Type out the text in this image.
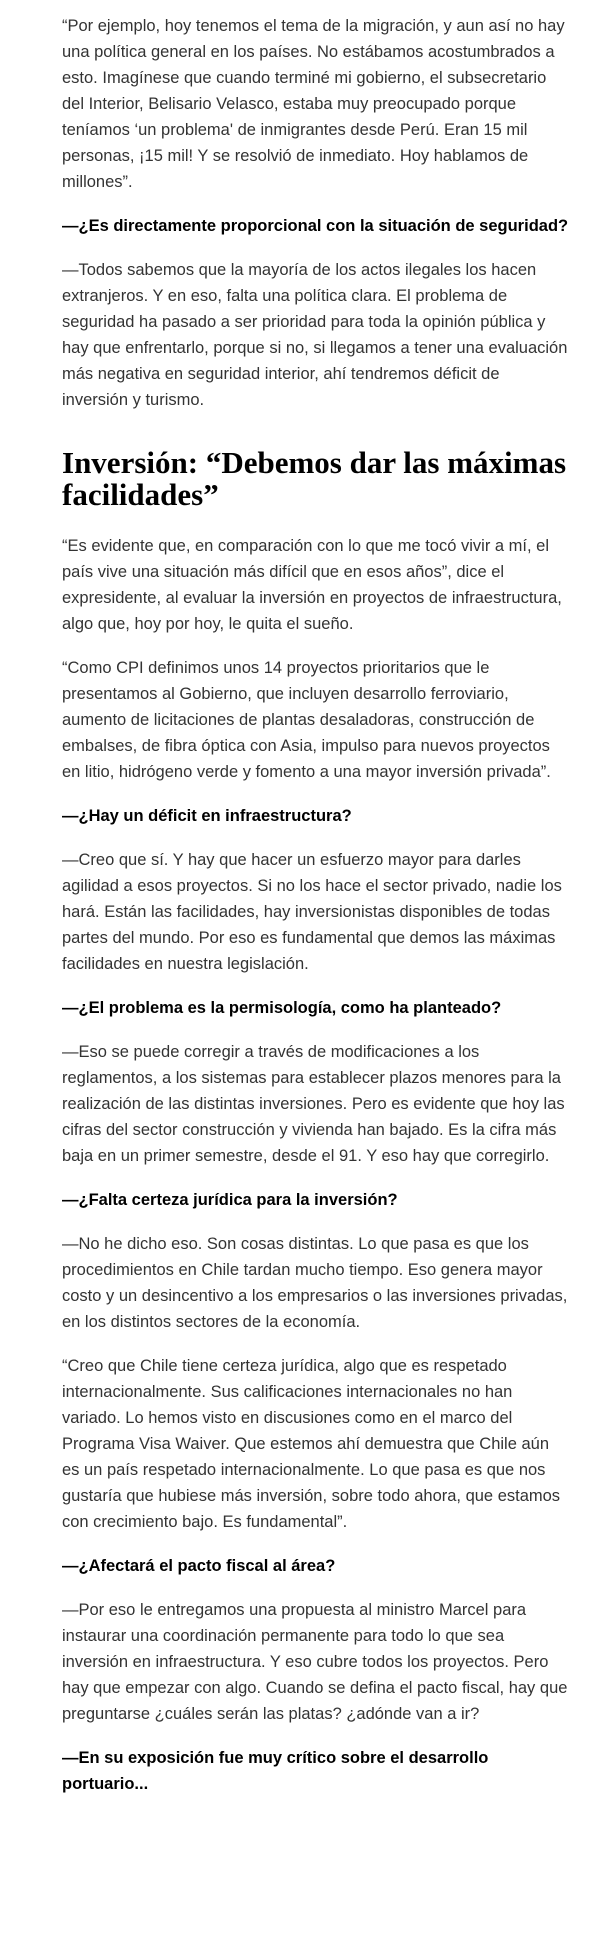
“Por ejemplo, hoy tenemos el tema de la migración, y aun así no hay una política general en los países. No estábamos acostumbrados a esto. Imagínese que cuando terminé mi gobierno, el subsecretario del Interior, Belisario Velasco, estaba muy preocupado porque teníamos ‘un problema' de inmigrantes desde Perú. Eran 15 mil personas, ¡15 mil! Y se resolvió de inmediato. Hoy hablamos de millones”.

—¿Es directamente proporcional con la situación de seguridad?

—Todos sabemos que la mayoría de los actos ilegales los hacen extranjeros. Y en eso, falta una política clara. El problema de seguridad ha pasado a ser prioridad para toda la opinión pública y hay que enfrentarlo, porque si no, si llegamos a tener una evaluación más negativa en seguridad interior, ahí tendremos déficit de inversión y turismo.

Inversión: “Debemos dar las máximas facilidades”

“Es evidente que, en comparación con lo que me tocó vivir a mí, el país vive una situación más difícil que en esos años”, dice el expresidente, al evaluar la inversión en proyectos de infraestructura, algo que, hoy por hoy, le quita el sueño.

“Como CPI definimos unos 14 proyectos prioritarios que le presentamos al Gobierno, que incluyen desarrollo ferroviario, aumento de licitaciones de plantas desaladoras, construcción de embalses, de fibra óptica con Asia, impulso para nuevos proyectos en litio, hidrógeno verde y fomento a una mayor inversión privada”.

—¿Hay un déficit en infraestructura?

—Creo que sí. Y hay que hacer un esfuerzo mayor para darles agilidad a esos proyectos. Si no los hace el sector privado, nadie los hará. Están las facilidades, hay inversionistas disponibles de todas partes del mundo. Por eso es fundamental que demos las máximas facilidades en nuestra legislación.

—¿El problema es la permisología, como ha planteado?

—Eso se puede corregir a través de modificaciones a los reglamentos, a los sistemas para establecer plazos menores para la realización de las distintas inversiones. Pero es evidente que hoy las cifras del sector construcción y vivienda han bajado. Es la cifra más baja en un primer semestre, desde el 91. Y eso hay que corregirlo.

—¿Falta certeza jurídica para la inversión?

—No he dicho eso. Son cosas distintas. Lo que pasa es que los procedimientos en Chile tardan mucho tiempo. Eso genera mayor costo y un desincentivo a los empresarios o las inversiones privadas, en los distintos sectores de la economía.

“Creo que Chile tiene certeza jurídica, algo que es respetado internacionalmente. Sus calificaciones internacionales no han variado. Lo hemos visto en discusiones como en el marco del Programa Visa Waiver. Que estemos ahí demuestra que Chile aún es un país respetado internacionalmente. Lo que pasa es que nos gustaría que hubiese más inversión, sobre todo ahora, que estamos con crecimiento bajo. Es fundamental”.

—¿Afectará el pacto fiscal al área?

—Por eso le entregamos una propuesta al ministro Marcel para instaurar una coordinación permanente para todo lo que sea inversión en infraestructura. Y eso cubre todos los proyectos. Pero hay que empezar con algo. Cuando se defina el pacto fiscal, hay que preguntarse ¿cuáles serán las platas? ¿adónde van a ir?

—En su exposición fue muy crítico sobre el desarrollo portuario...
